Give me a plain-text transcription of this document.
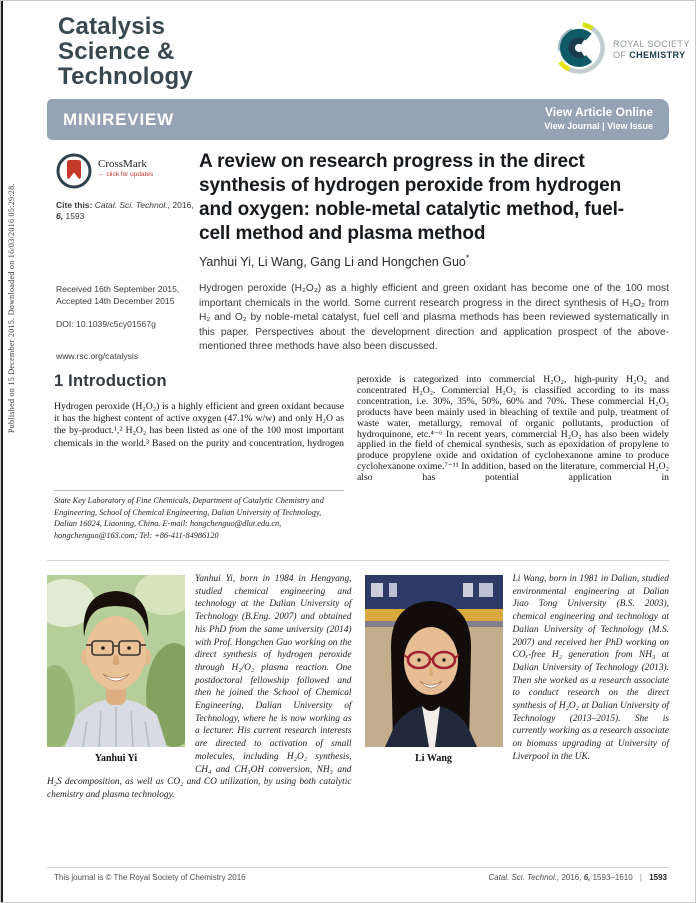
Catalysis
Science &
Technology
ROYAL SOCIETY
OF CHEMISTRY
MINIREVIEW	View Article Online
View Journal | View Issue
Published on 15 December 2015. Downloaded on 16/03/2016 05:29:28.
CrossMark
← click for updates
Cite this: Catal. Sci. Technol., 2016,
6, 1593
A review on research progress in the direct synthesis of hydrogen peroxide from hydrogen and oxygen: noble-metal catalytic method, fuel-cell method and plasma method
Yanhui Yi, Li Wang, Gang Li and Hongchen Guo*
Received 16th September 2015,
Accepted 14th December 2015
DOI: 10.1039/c5cy01567g
www.rsc.org/catalysis

Hydrogen peroxide (H₂O₂) as a highly efficient and green oxidant has become one of the 100 most important chemicals in the world. Some current research progress in the direct synthesis of H₂O₂ from H₂ and O₂ by noble-metal catalyst, fuel cell and plasma methods has been reviewed systematically in this paper. Perspectives about the development direction and application prospect of the above-mentioned three methods have also been discussed.

1 Introduction

Hydrogen peroxide (H₂O₂) is a highly efficient and green oxidant because it has the highest content of active oxygen (47.1% w/w) and only H₂O as the by-product.¹,² H₂O₂ has been listed as one of the 100 most important chemicals in the world.³ Based on the purity and concentration, hydrogen

State Key Laboratory of Fine Chemicals, Department of Catalytic Chemistry and Engineering, School of Chemical Engineering, Dalian University of Technology, Dalian 16024, Liaoning, China. E-mail: hongchenguo@dlut.edu.cn, hongchenguo@163.com; Tel: +86-411-84986120

peroxide is categorized into commercial H₂O₂, high-purity H₂O₂ and concentrated H₂O₂. Commercial H₂O₂ is classified according to its mass concentration, i.e. 30%, 35%, 50%, 60% and 70%. These commercial H₂O₂ products have been mainly used in bleaching of textile and pulp, treatment of waste water, metallurgy, removal of organic pollutants, production of hydroquinone, etc.⁴⁻⁶ In recent years, commercial H₂O₂ has also been widely applied in the field of chemical synthesis, such as epoxidation of propylene to produce propylene oxide and oxidation of cyclohexanone amine to produce cyclohexanone oxime.⁷⁻¹¹ In addition, based on the literature, commercial H₂O₂ also has potential application in

Yanhui Yi
Yanhui Yi, born in 1984 in Hengyang, studied chemical engineering and technology at the Dalian University of Technology (B.Eng. 2007) and obtained his PhD from the same university (2014) with Prof. Hongchen Guo working on the direct synthesis of hydrogen peroxide through H₂/O₂ plasma reaction. One postdoctoral fellowship followed and then he joined the School of Chemical Engineering, Dalian University of Technology, where he is now working as a lecturer. His current research interests are directed to activation of small molecules, including H₂O₂ synthesis, CH₄ and CH₃OH conversion, NH₃ and H₂S decomposition, as well as CO₂ and CO utilization, by using both catalytic chemistry and plasma technology.
Li Wang
Li Wang, born in 1981 in Dalian, studied environmental engineering at Dalian Jiao Tong University (B.S. 2003), chemical engineering and technology at Dalian University of Technology (M.S. 2007) and received her PhD working on COₓ-free H₂ generation from NH₃ at Dalian University of Technology (2013). Then she worked as a research associate to conduct research on the direct synthesis of H₂O₂ at Dalian University of Technology (2013–2015). She is currently working as a research associate on biomass upgrading at University of Liverpool in the UK.
This journal is © The Royal Society of Chemistry 2016	Catal. Sci. Technol., 2016, 6, 1593–1610 | 1593
